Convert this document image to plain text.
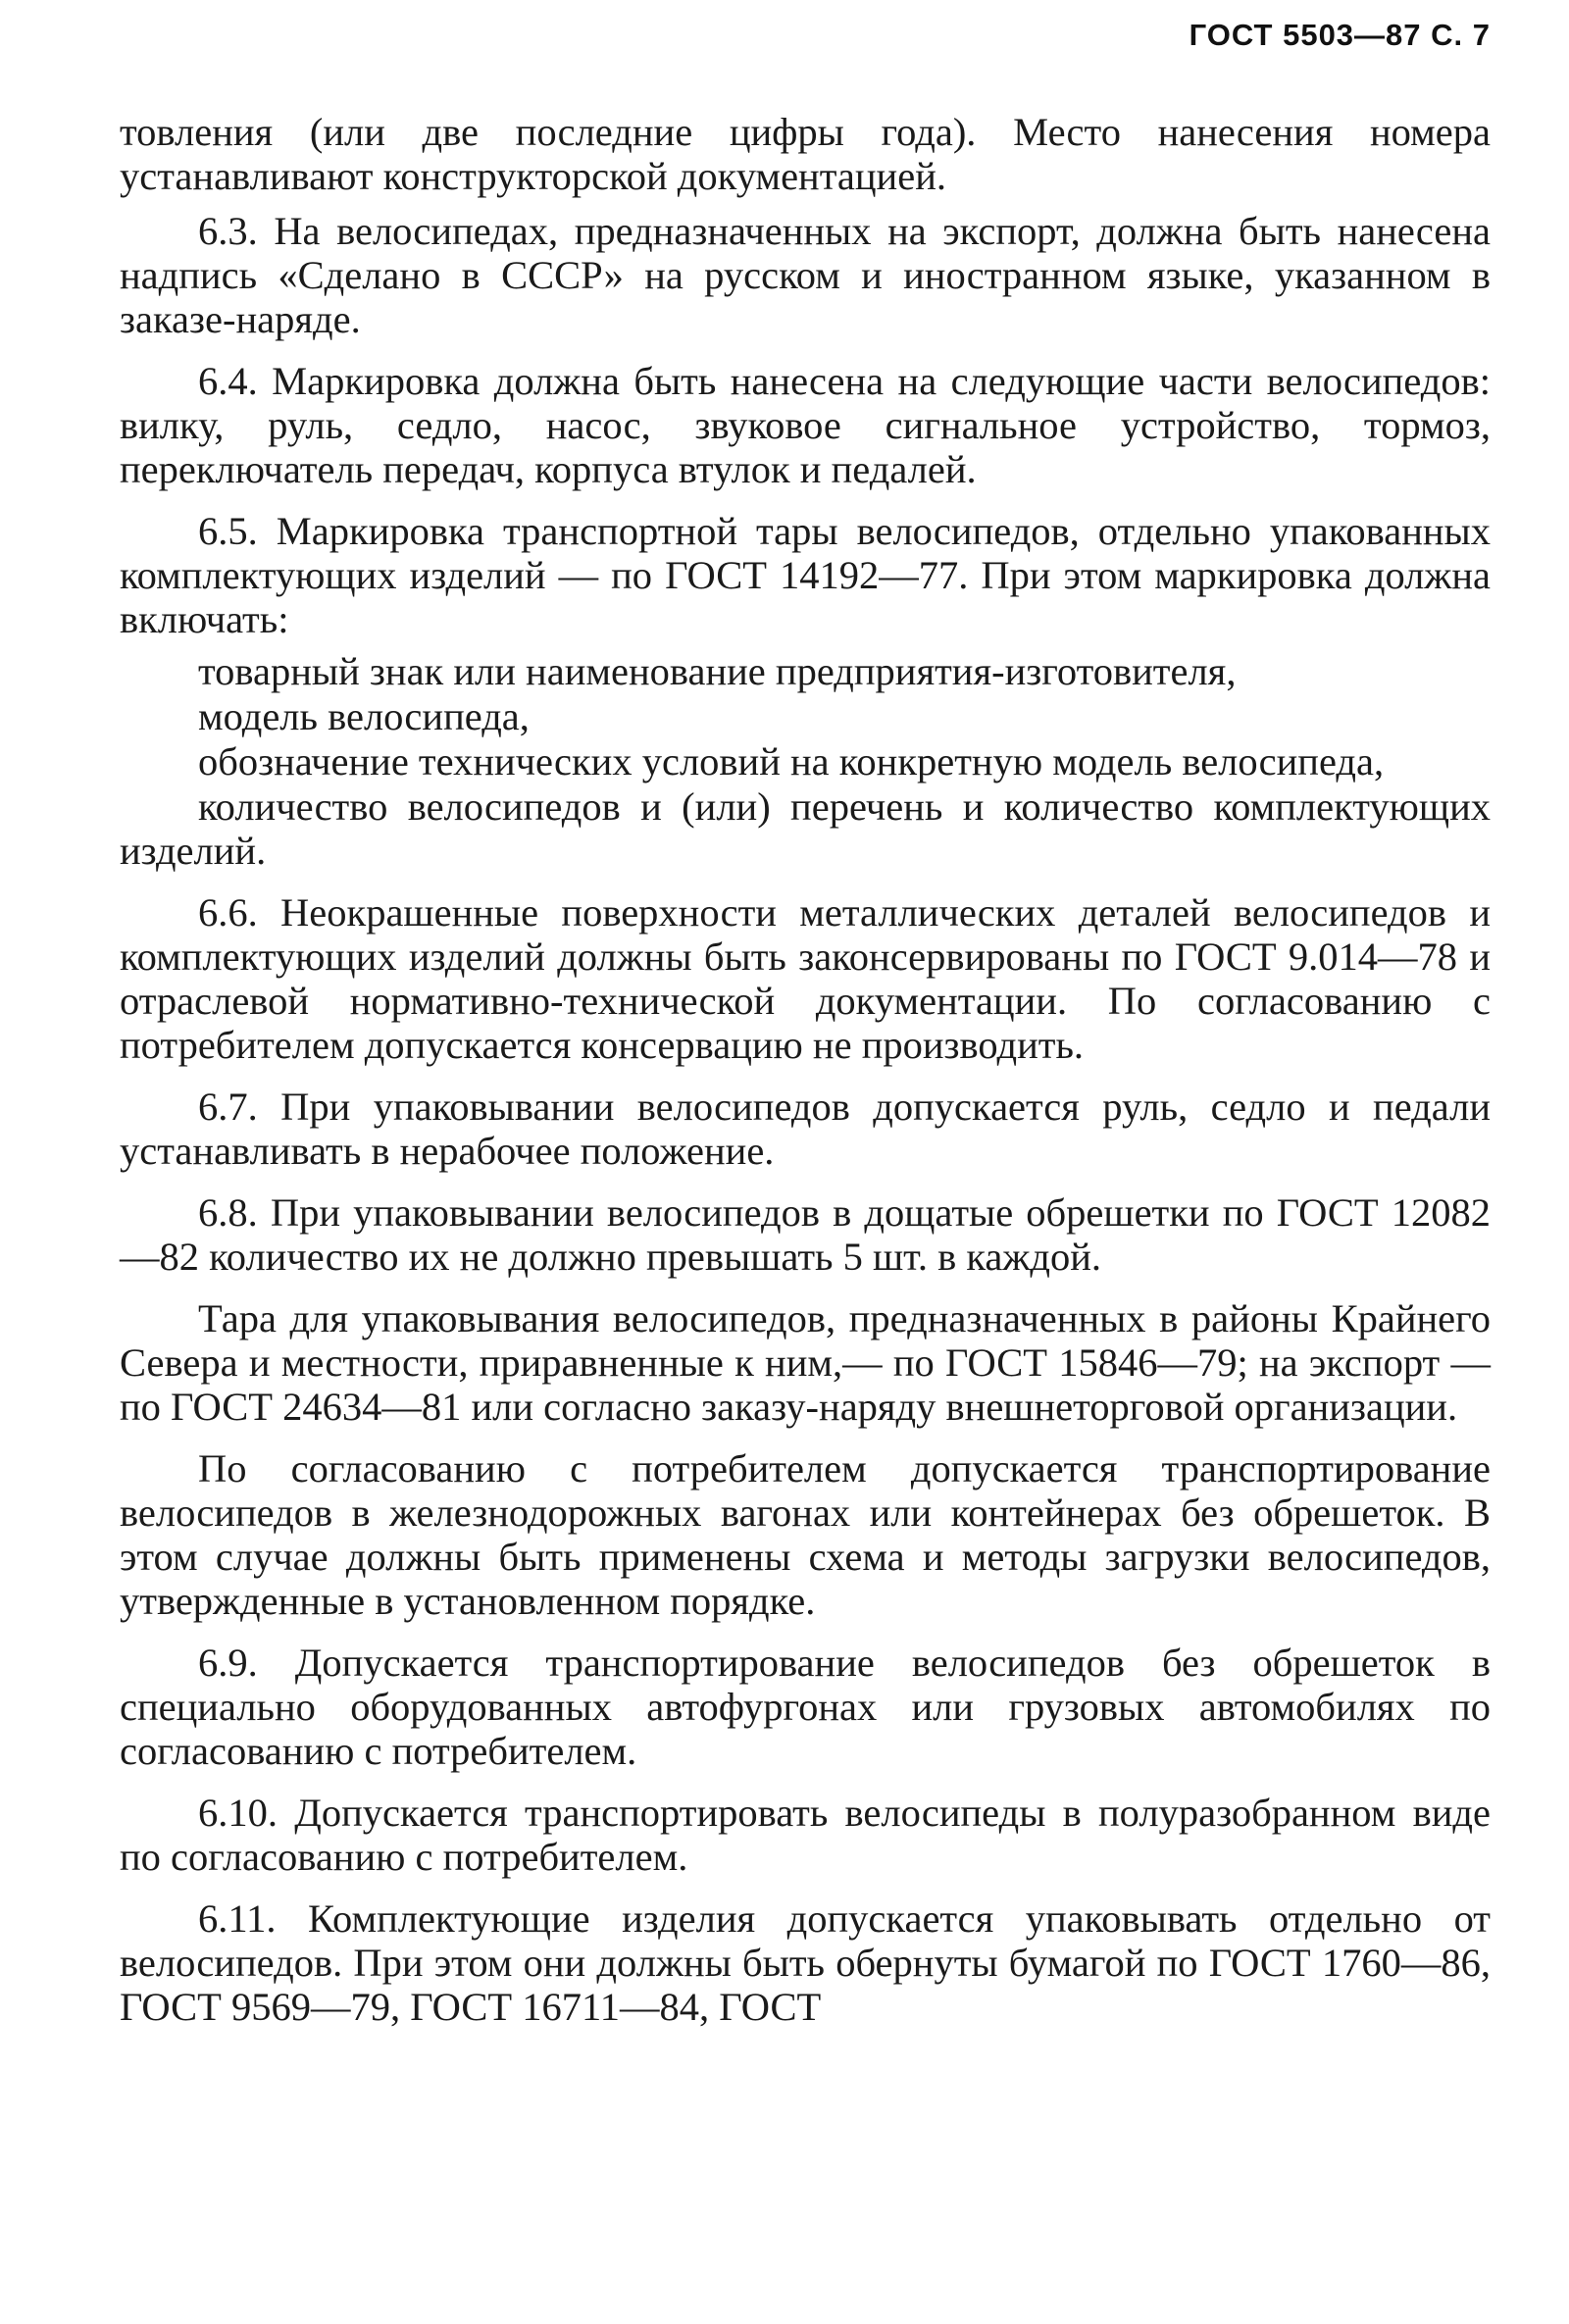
ГОСТ 5503—87 С. 7

товления (или две последние цифры года). Место нанесения номера устанавливают конструкторской документацией.

6.3. На велосипедах, предназначенных на экспорт, должна быть нанесена надпись «Сделано в СССР» на русском и иностранном языке, указанном в заказе-наряде.

6.4. Маркировка должна быть нанесена на следующие части велосипедов: вилку, руль, седло, насос, звуковое сигнальное устройство, тормоз, переключатель передач, корпуса втулок и педалей.

6.5. Маркировка транспортной тары велосипедов, отдельно упакованных комплектующих изделий — по ГОСТ 14192—77. При этом маркировка должна включать:

товарный знак или наименование предприятия-изготовителя,

модель велосипеда,

обозначение технических условий на конкретную модель велосипеда,

количество велосипедов и (или) перечень и количество комплектующих изделий.

6.6. Неокрашенные поверхности металлических деталей велосипедов и комплектующих изделий должны быть законсервированы по ГОСТ 9.014—78 и отраслевой нормативно-технической документации. По согласованию с потребителем допускается консервацию не производить.

6.7. При упаковывании велосипедов допускается руль, седло и педали устанавливать в нерабочее положение.

6.8. При упаковывании велосипедов в дощатые обрешетки по ГОСТ 12082—82 количество их не должно превышать 5 шт. в каждой.

Тара для упаковывания велосипедов, предназначенных в районы Крайнего Севера и местности, приравненные к ним,— по ГОСТ 15846—79; на экспорт — по ГОСТ 24634—81 или согласно заказу-наряду внешнеторговой организации.

По согласованию с потребителем допускается транспортирование велосипедов в железнодорожных вагонах или контейнерах без обрешеток. В этом случае должны быть применены схема и методы загрузки велосипедов, утвержденные в установленном порядке.

6.9. Допускается транспортирование велосипедов без обрешеток в специально оборудованных автофургонах или грузовых автомобилях по согласованию с потребителем.

6.10. Допускается транспортировать велосипеды в полуразобранном виде по согласованию с потребителем.

6.11. Комплектующие изделия допускается упаковывать отдельно от велосипедов. При этом они должны быть обернуты бумагой по ГОСТ 1760—86, ГОСТ 9569—79, ГОСТ 16711—84, ГОСТ
